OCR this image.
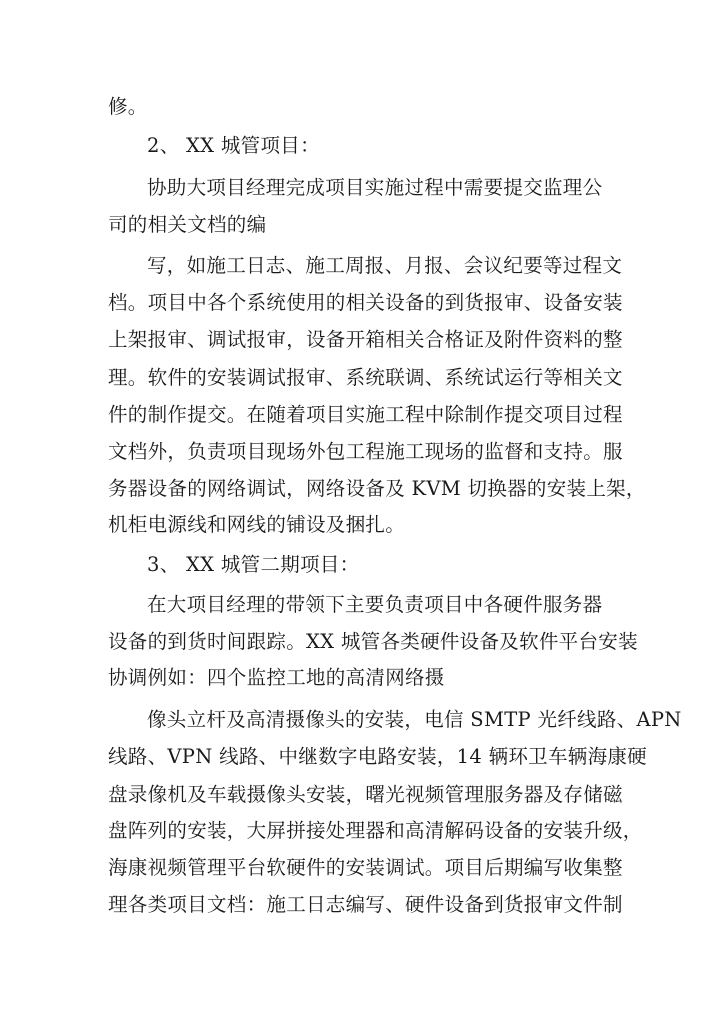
修。
2、 XX 城管项目：
协助大项目经理完成项目实施过程中需要提交监理公
司的相关文档的编
写，如施工日志、施工周报、月报、会议纪要等过程文
档。项目中各个系统使用的相关设备的到货报审、设备安装
上架报审、调试报审，设备开箱相关合格证及附件资料的整
理。软件的安装调试报审、系统联调、系统试运行等相关文
件的制作提交。在随着项目实施工程中除制作提交项目过程
文档外，负责项目现场外包工程施工现场的监督和支持。服
务器设备的网络调试，网络设备及 KVM 切换器的安装上架，
机柜电源线和网线的铺设及捆扎。
3、 XX 城管二期项目：
在大项目经理的带领下主要负责项目中各硬件服务器
设备的到货时间跟踪。XX 城管各类硬件设备及软件平台安装
协调例如：四个监控工地的高清网络摄
像头立杆及高清摄像头的安装，电信 SMTP 光纤线路、APN
线路、VPN 线路、中继数字电路安装，14 辆环卫车辆海康硬
盘录像机及车载摄像头安装，曙光视频管理服务器及存储磁
盘阵列的安装，大屏拼接处理器和高清解码设备的安装升级，
海康视频管理平台软硬件的安装调试。项目后期编写收集整
理各类项目文档：施工日志编写、硬件设备到货报审文件制
